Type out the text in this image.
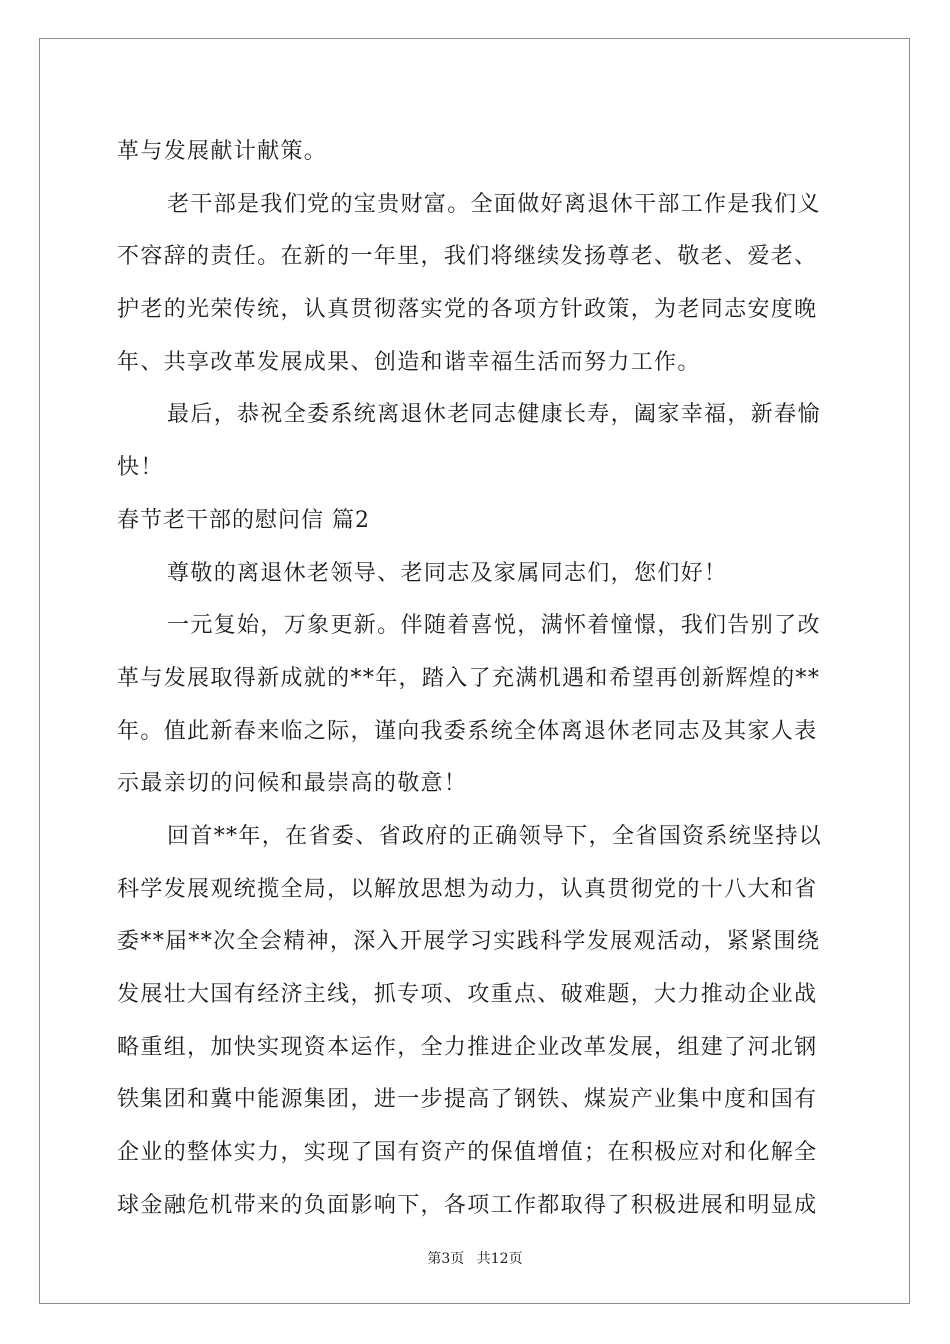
革与发展献计献策。
老干部是我们党的宝贵财富。全面做好离退休干部工作是我们义
不容辞的责任。在新的一年里，我们将继续发扬尊老、敬老、爱老、
护老的光荣传统，认真贯彻落实党的各项方针政策，为老同志安度晚
年、共享改革发展成果、创造和谐幸福生活而努力工作。
最后，恭祝全委系统离退休老同志健康长寿，阖家幸福，新春愉
快！
春节老干部的慰问信 篇2
尊敬的离退休老领导、老同志及家属同志们，您们好！
一元复始，万象更新。伴随着喜悦，满怀着憧憬，我们告别了改
革与发展取得新成就的**年，踏入了充满机遇和希望再创新辉煌的**
年。值此新春来临之际，谨向我委系统全体离退休老同志及其家人表
示最亲切的问候和最崇高的敬意！
回首**年，在省委、省政府的正确领导下，全省国资系统坚持以
科学发展观统揽全局，以解放思想为动力，认真贯彻党的十八大和省
委**届**次全会精神，深入开展学习实践科学发展观活动，紧紧围绕
发展壮大国有经济主线，抓专项、攻重点、破难题，大力推动企业战
略重组，加快实现资本运作，全力推进企业改革发展，组建了河北钢
铁集团和冀中能源集团，进一步提高了钢铁、煤炭产业集中度和国有
企业的整体实力，实现了国有资产的保值增值；在积极应对和化解全
球金融危机带来的负面影响下，各项工作都取得了积极进展和明显成
第3页 共12页
